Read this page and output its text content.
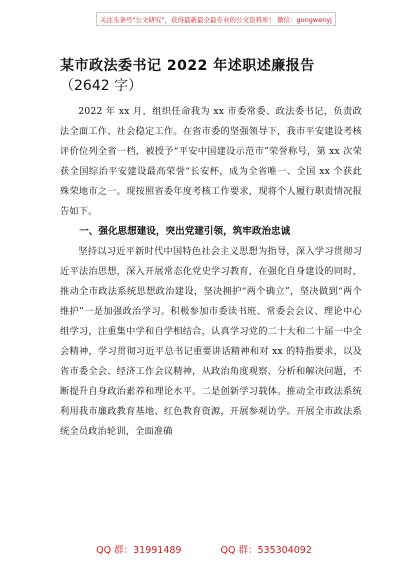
关注头条号"公文研究"，获得最新最全最专业的公文资料库！ 微信：gongwenyj
某市政法委书记 2022 年述职述廉报告
（2642 字）

2022 年 xx 月，组织任命我为 xx 市委常委、政法委书记，负责政法全面工作、社会稳定工作。在省市委的坚强领导下，我市平安建设考核评价位列全省一档，被授予“平安中国建设示范市”荣誉称号，第 xx 次荣获全国综治平安建设最高荣誉“长安杯，成为全省唯一、全国 xx 个获此殊荣地市之一。现按照省委年度考核工作要求，现将个人履行职责情况报告如下。

一、强化思想建设，突出党建引领，筑牢政治忠诚

坚持以习近平新时代中国特色社会主义思想为指导，深入学习贯彻习近平法治思想，深入开展常态化党史学习教育，在强化自身建设的同时，推动全市政法系统思想政治建设，坚决拥护“两个确立”，坚决做到“两个维护”一是加强政治学习。积极参加市委读书班、常委会会议、理论中心组学习，注重集中学和自学相结合，认真学习党的二十大和二十届一中全会精神，学习贯彻习近平总书记重要讲话精神和对 xx 的特指要求，以及省市委全会、经济工作会议精神，从政治角度观察、分析和解决问题，不断提升自身政治素养和理论水平。二是创新学习载体。推动全市政法系统利用我市廉政教育基地、红色教育资源，开展参观访学。开展全市政法系统全员政治轮训，全面准确

QQ 群：31991489	QQ 群：535304092
